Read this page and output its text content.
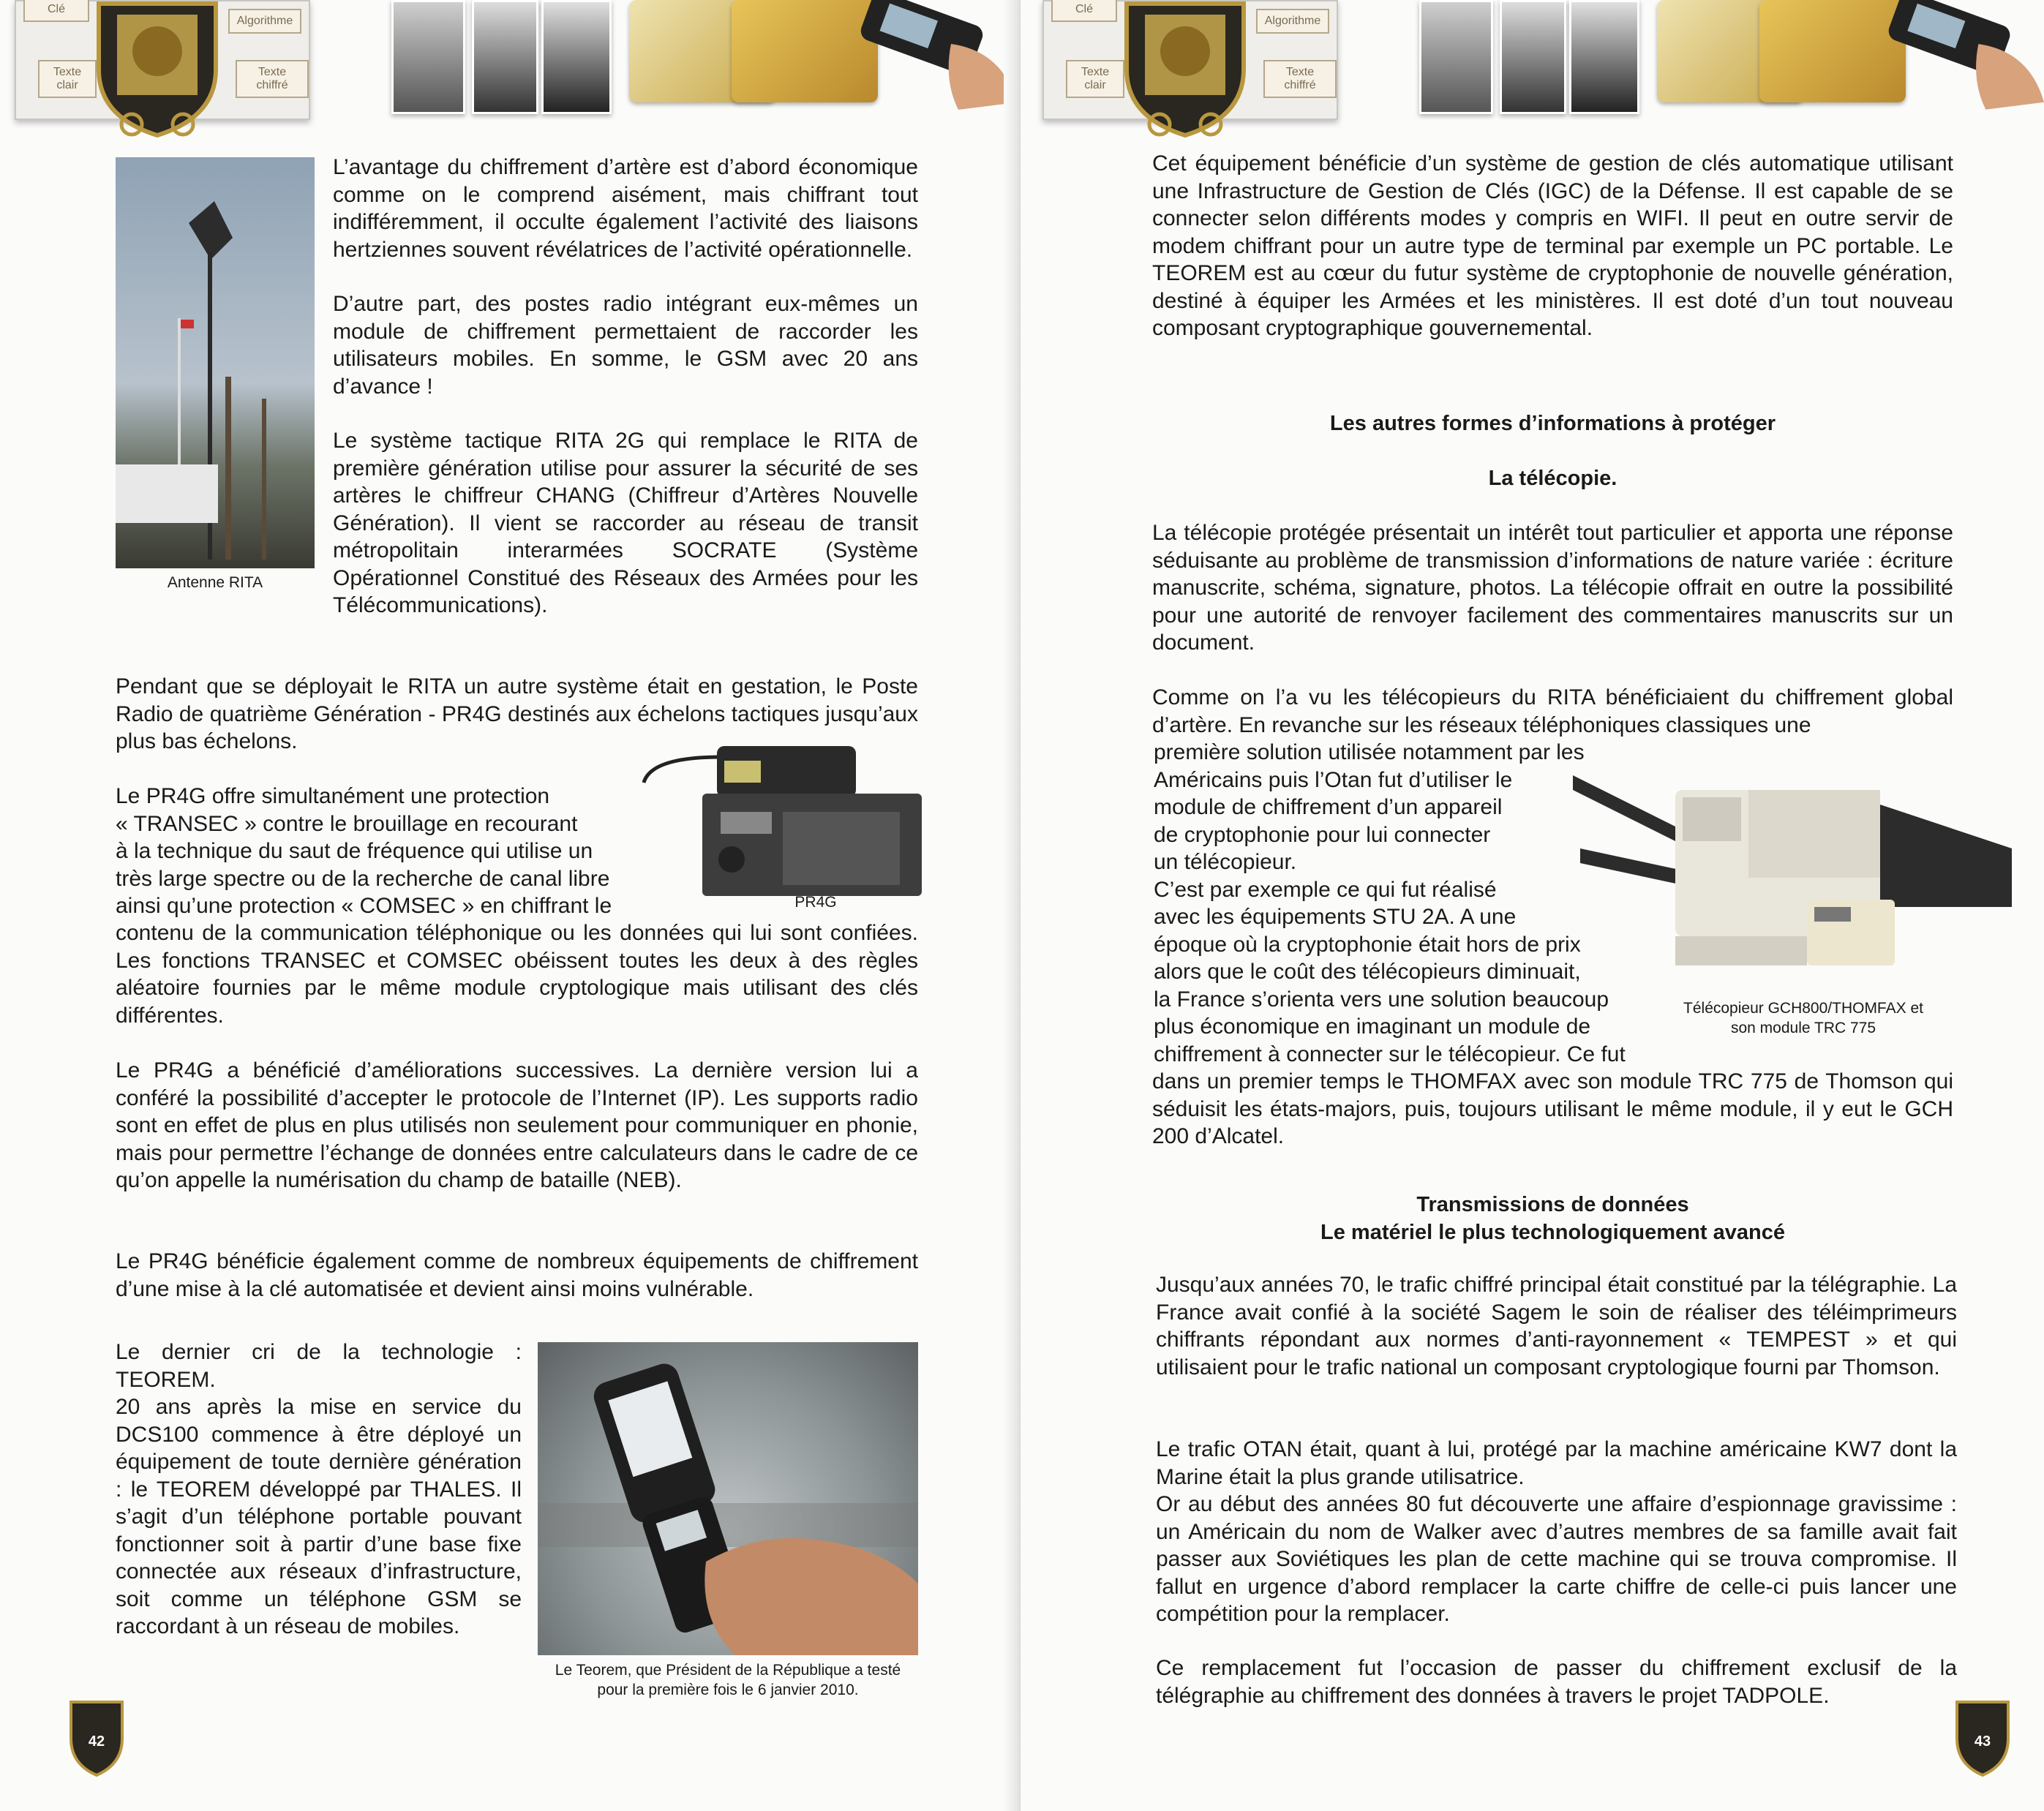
Clé
Texte clair
Algorithme
Texte chiffré
Antenne RITA

L’avantage du chiffrement d’artère est d’abord économique comme on le comprend aisément, mais chiffrant tout indifféremment, il occulte également l’activité des liaisons hertziennes souvent révélatrices de l’activité opérationnelle.

D’autre part, des postes radio intégrant eux-mêmes un module de chiffrement permettaient de raccorder les utilisateurs mobiles. En somme, le GSM avec 20 ans d’avance !

Le système tactique RITA 2G qui remplace le RITA de première génération utilise pour assurer la sécurité de ses artères le chiffreur CHANG (Chiffreur d’Artères Nouvelle Génération). Il vient se raccorder au réseau de transit métropolitain interarmées SOCRATE (Système Opérationnel Constitué des Réseaux des Armées pour les Télécommunications).

Pendant que se déployait le RITA un autre système était en gestation, le Poste Radio de quatrième Génération - PR4G destinés aux échelons tactiques jusqu’aux plus bas échelons.
PR4G

Le PR4G offre simultanément une protection

« TRANSEC » contre le brouillage en recourant

à la technique du saut de fréquence qui utilise un

très large spectre ou de la recherche de canal libre

ainsi qu’une protection « COMSEC » en chiffrant le

contenu de la communication téléphonique ou les données qui lui sont confiées. Les fonctions TRANSEC et COMSEC obéissent toutes les deux à des règles aléatoire fournies par le même module cryptologique mais utilisant des clés différentes.
Le PR4G a bénéficié d’améliorations successives. La dernière version lui a conféré la possibilité d’accepter le protocole de l’Internet (IP). Les supports radio sont en effet de plus en plus utilisés non seulement pour communiquer en phonie, mais pour permettre l’échange de données entre calculateurs dans le cadre de ce qu’on appelle la numérisation du champ de bataille (NEB).
Le PR4G bénéficie également comme de nombreux équipements de chiffrement d’une mise à la clé automatisée et devient ainsi moins vulnérable.

Le dernier cri de la technologie : TEOREM.

20 ans après la mise en service du DCS100 commence à être déployé un équipement de toute dernière génération : le TEOREM développé par THALES. Il s’agit d’un téléphone portable pouvant fonctionner soit à partir d’une base fixe connectée aux réseaux d’infrastructure, soit comme un téléphone GSM se raccordant à un réseau de mobiles.

Le Teorem, que Président de la République a testé pour la première fois le 6 janvier 2010.
42
Clé
Texte clair
Algorithme
Texte chiffré
Cet équipement bénéficie d’un système de gestion de clés automatique utilisant une Infrastructure de Gestion de Clés (IGC) de la Défense. Il est capable de se connecter selon différents modes y compris en WIFI. Il peut en outre servir de modem chiffrant pour un autre type de terminal par exemple un PC portable. Le TEOREM est au cœur du futur système de cryptophonie de nouvelle génération, destiné à équiper les Armées et les ministères. Il est doté d’un tout nouveau composant cryptographique gouvernemental.
Les autres formes d’informations à protéger
La télécopie.
La télécopie protégée présentait un intérêt tout particulier et apporta une réponse séduisante au problème de transmission d’informations de nature variée : écriture manuscrite, schéma, signature, photos. La télécopie offrait en outre la possibilité pour une autorité de renvoyer facilement des commentaires manuscrits sur un document.
Comme on l’a vu les télécopieurs du RITA bénéficiaient du chiffrement global d’artère. En revanche sur les réseaux téléphoniques classiques une

première solution utilisée notamment par les

Américains puis l’Otan fut d’utiliser le

module de chiffrement d’un appareil

de cryptophonie pour lui connecter

un télécopieur.

C’est par exemple ce qui fut réalisé

avec les équipements STU 2A. A une

époque où la cryptophonie était hors de prix

alors que le coût des télécopieurs diminuait,

la France s’orienta vers une solution beaucoup

plus économique en imaginant un module de

chiffrement à connecter sur le télécopieur. Ce fut

Télécopieur GCH800/THOMFAX et son module TRC 775
dans un premier temps le THOMFAX avec son module TRC 775 de Thomson qui séduisit les états-majors, puis, toujours utilisant le même module, il y eut le GCH 200 d’Alcatel.
Transmissions de données
Le matériel le plus technologiquement avancé
Jusqu’aux années 70, le trafic chiffré principal était constitué par la télégraphie. La France avait confié à la société Sagem le soin de réaliser des téléimprimeurs chiffrants répondant aux normes d’anti-rayonnement « TEMPEST » et qui utilisaient pour le trafic national un composant cryptologique fourni par Thomson.
Le trafic OTAN était, quant à lui, protégé par la machine américaine KW7 dont la Marine était la plus grande utilisatrice.
Or au début des années 80 fut découverte une affaire d’espionnage gravissime : un Américain du nom de Walker avec d’autres membres de sa famille avait fait passer aux Soviétiques les plan de cette machine qui se trouva compromise. Il fallut en urgence d’abord remplacer la carte chiffre de celle-ci puis lancer une compétition pour la remplacer.
Ce remplacement fut l’occasion de passer du chiffrement exclusif de la télégraphie au chiffrement des données à travers le projet TADPOLE.
43
